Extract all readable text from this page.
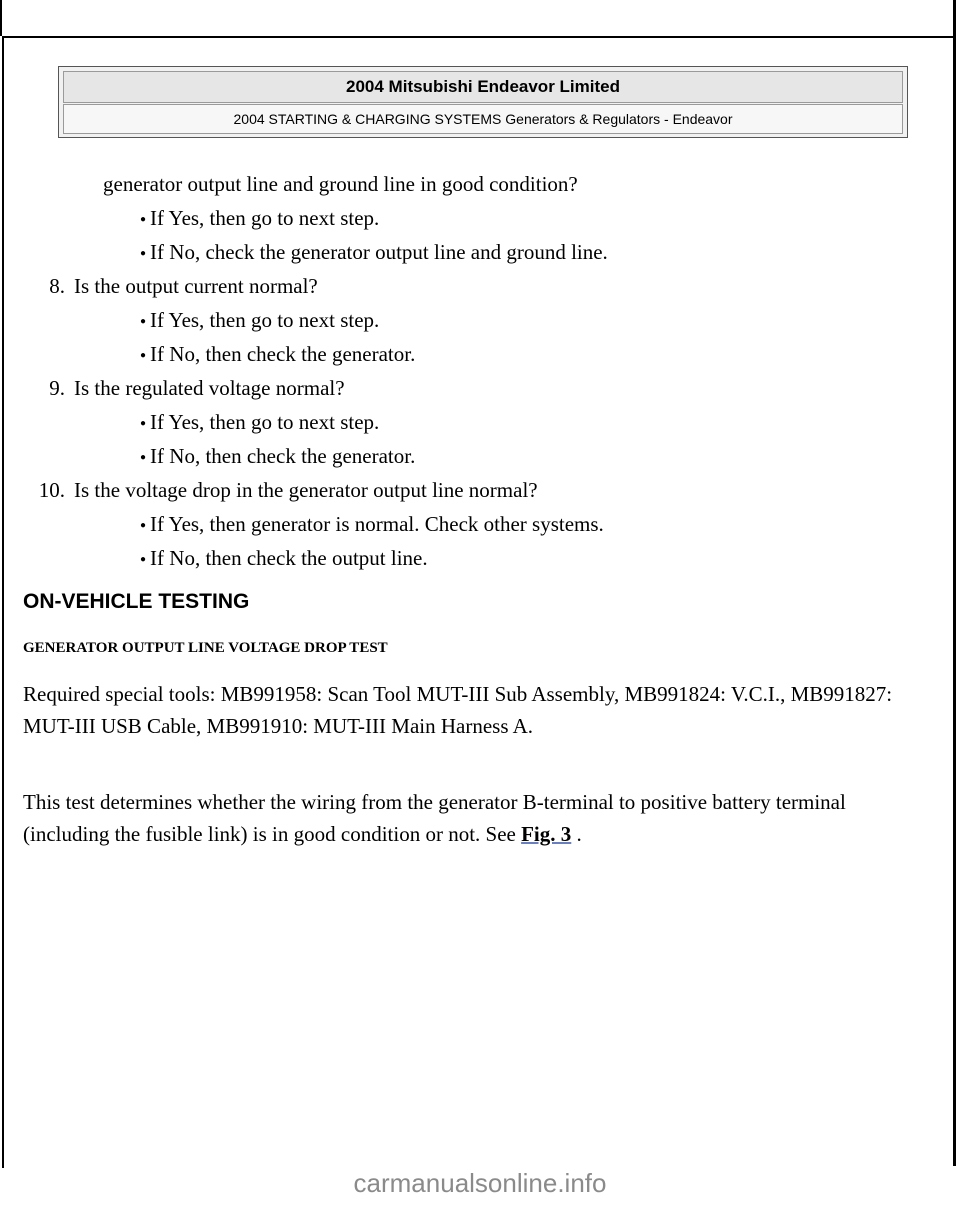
2004 Mitsubishi Endeavor Limited
2004 STARTING & CHARGING SYSTEMS Generators & Regulators - Endeavor
generator output line and ground line in good condition?
● If Yes, then go to next step.
● If No, check the generator output line and ground line.
8. Is the output current normal?
● If Yes, then go to next step.
● If No, then check the generator.
9. Is the regulated voltage normal?
● If Yes, then go to next step.
● If No, then check the generator.
10. Is the voltage drop in the generator output line normal?
● If Yes, then generator is normal. Check other systems.
● If No, then check the output line.
ON-VEHICLE TESTING
GENERATOR OUTPUT LINE VOLTAGE DROP TEST
Required special tools: MB991958: Scan Tool MUT-III Sub Assembly, MB991824: V.C.I., MB991827: MUT-III USB Cable, MB991910: MUT-III Main Harness A.
This test determines whether the wiring from the generator B-terminal to positive battery terminal (including the fusible link) is in good condition or not. See Fig. 3 .
carmanualsonline.info
